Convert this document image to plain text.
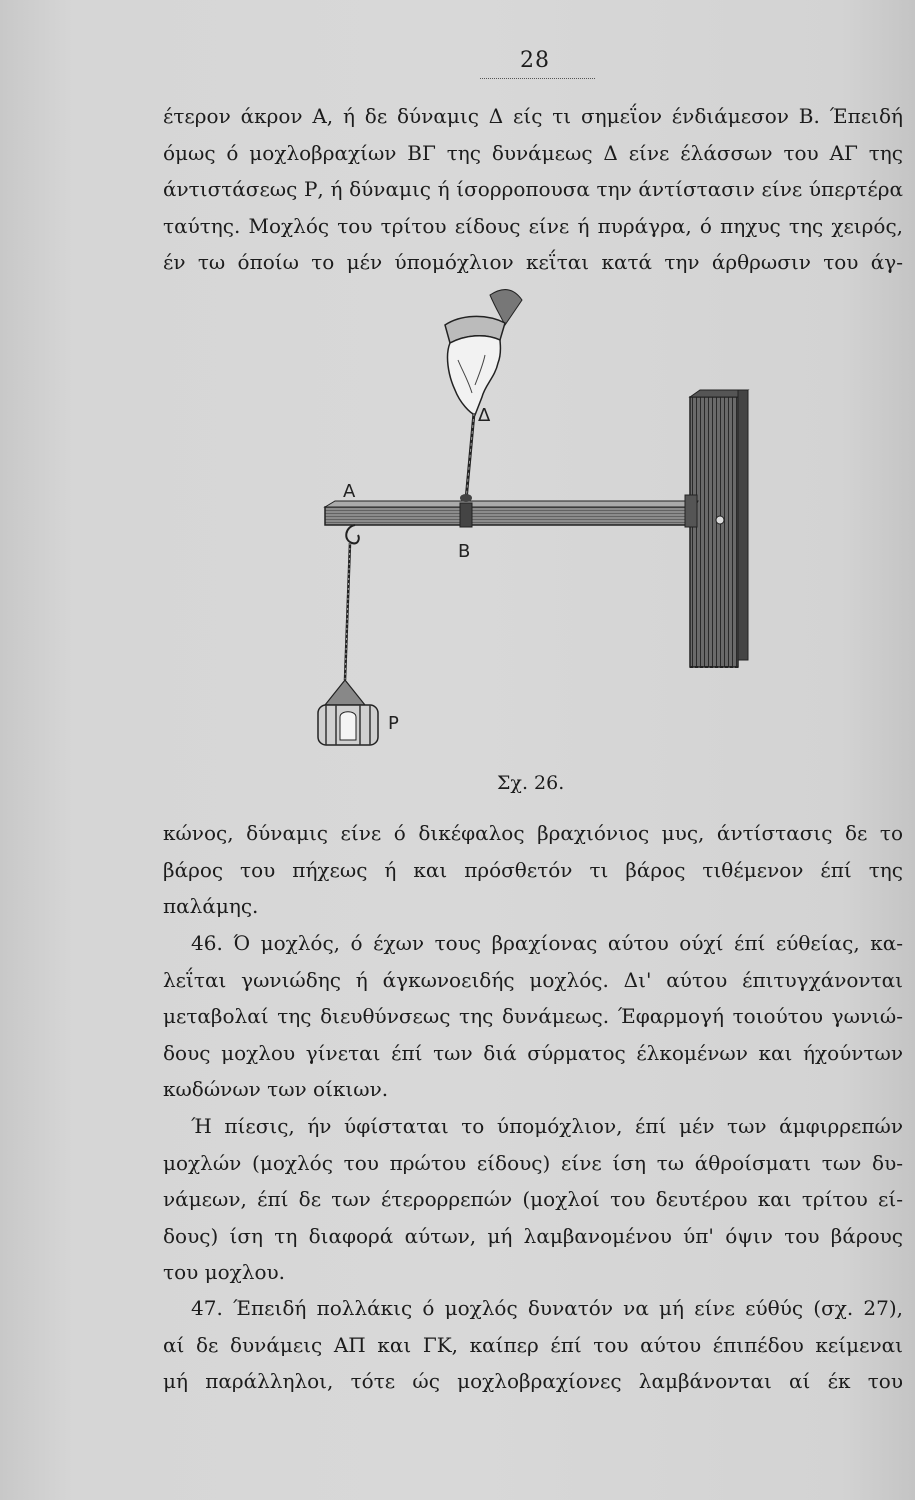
28
έτερον άκρον Α, ή δε δύναμις Δ είς τι σημεΐον ένδιάμεσον Β. Έπειδή
όμως ό μοχλοβραχίων ΒΓ της δυνάμεως Δ είνε έλάσσων του ΑΓ της
άντιστάσεως Ρ, ή δύναμις ή ίσορροπουσα την άντίστασιν είνε ύπερτέρα
ταύτης. Μοχλός του τρίτου είδους είνε ή πυράγρα, ό πηχυς της χειρός,
έν τω όποίω το μέν ύπομόχλιον κεΐται κατά την άρθρωσιν του άγ-
Α
Β
Δ
Ρ
Σχ. 26.
κώνος, δύναμις είνε ό δικέφαλος βραχιόνιος μυς, άντίστασις δε το
βάρος του πήχεως ή και πρόσθετόν τι βάρος τιθέμενον έπί της
παλάμης.
46. Ό μοχλός, ό έχων τους βραχίονας αύτου ούχί έπί εύθείας, κα-
λεΐται γωνιώδης ή άγκωνοειδής μοχλός. Δι' αύτου έπιτυγχάνονται
μεταβολαί της διευθύνσεως της δυνάμεως. Έφαρμογή τοιούτου γωνιώ-
δους μοχλου γίνεται έπί των διά σύρματος έλκομένων και ήχούντων
κωδώνων των οίκιων.
Ή πίεσις, ήν ύφίσταται το ύπομόχλιον, έπί μέν των άμφιρρεπών
μοχλών (μοχλός του πρώτου είδους) είνε ίση τω άθροίσματι των δυ-
νάμεων, έπί δε των έτερορρεπών (μοχλοί του δευτέρου και τρίτου εί-
δους) ίση τη διαφορά αύτων, μή λαμβανομένου ύπ' όψιν του βάρους
του μοχλου.
47. Έπειδή πολλάκις ό μοχλός δυνατόν να μή είνε εύθύς (σχ. 27),
αί δε δυνάμεις ΑΠ και ΓΚ, καίπερ έπί του αύτου έπιπέδου κείμεναι
μή παράλληλοι, τότε ώς μοχλοβραχίονες λαμβάνονται αί έκ του
